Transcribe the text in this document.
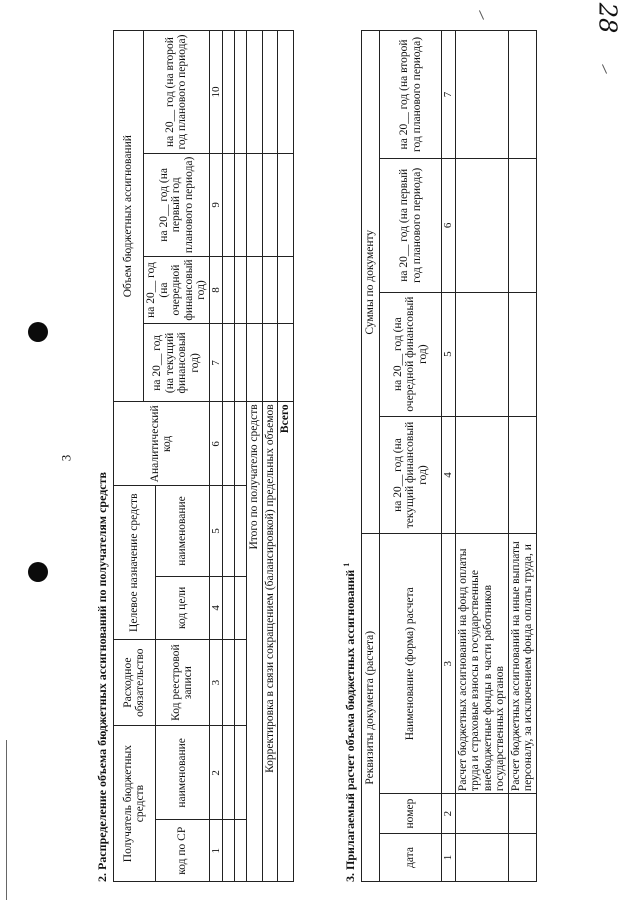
28
3
2. Распределение объема бюджетных ассигнований по получателям средств Получатель бюджетных средств		Расходное обязательство	Целевое назначение средств		Аналитический код	Объем бюджетных ассигнований			
						на 20__ год (на текущий финансовый год)	на 20__ год (на очередной финансовый год)	на 20__ год (на первый год планового периода)	на 20__ год (на второй год планового периода)
код по СР	наименование	Код реестровой записи	код цели	наименование					
1	2	3	4	5	6	7	8	9	10

Итого по получателю средств									
Корректировка в связи сокращением (балансировкой) предельных объемов									
Всего									
3. Прилагаемый расчет объема бюджетных ассигнований $^1$
Реквизиты документа (расчета)			Суммы по документу			
дата	номер	Наименование (форма) расчета	на 20__ год (на текущий финансовый год)	на 20__ год (на очередной финансовый год)	на 20__ год (на первый год планового периода)	на 20__ год (на второй год планового периода)
1	2	3	4	5	6	7
		Расчет бюджетных ассигнований на фонд оплаты труда и страховые взносы в государственные внебюджетные фонды в части работников государственных органов				
		Расчет бюджетных ассигнований на иные выплаты персоналу, за исключением фонда оплаты труда, и				
